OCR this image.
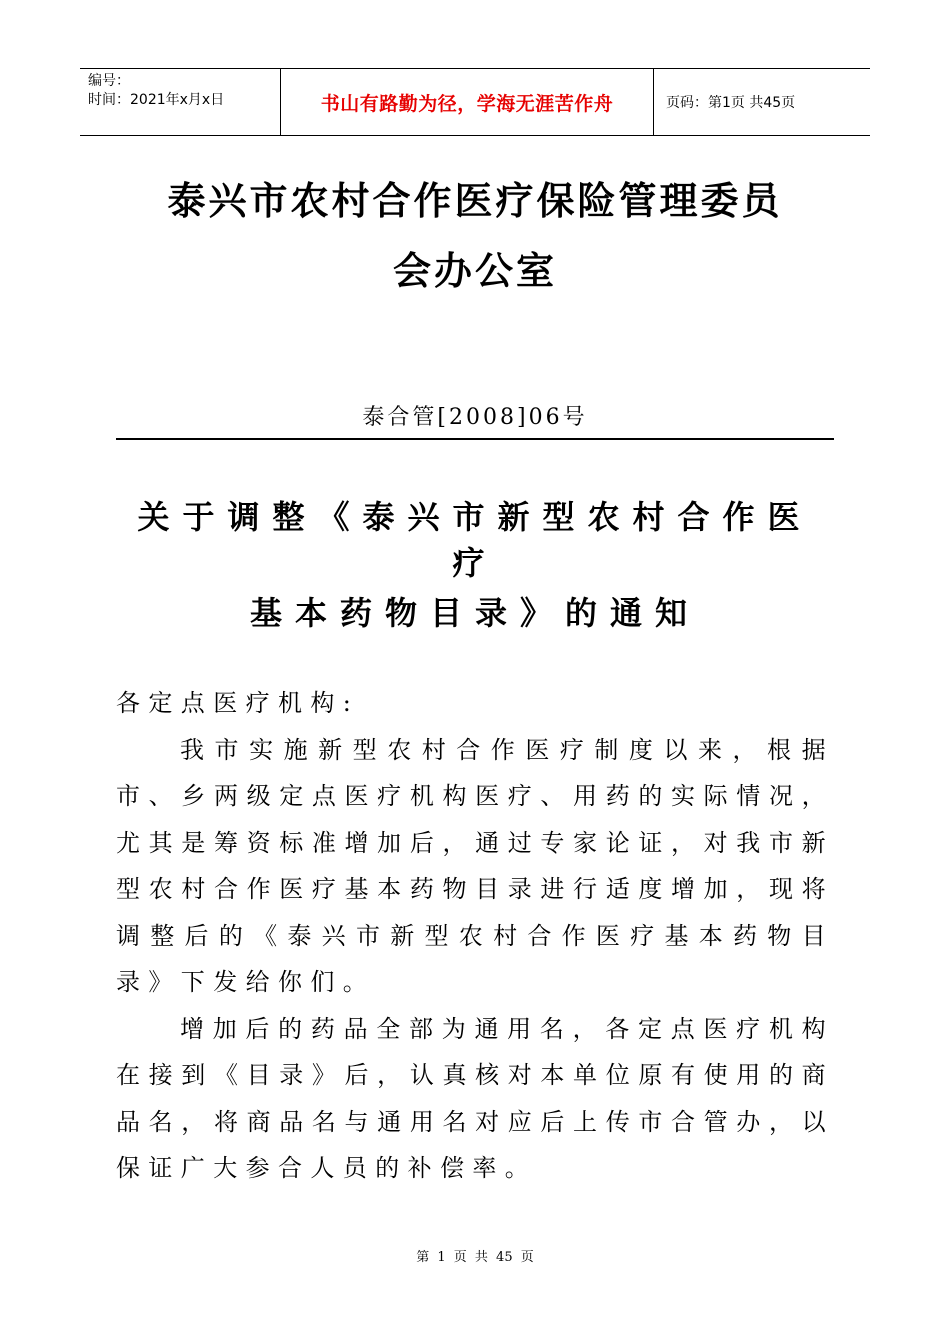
编号：
时间：2021年x月x日	书山有路勤为径，学海无涯苦作舟	页码：第1页 共45页
泰兴市农村合作医疗保险管理委员
会办公室
泰合管[2008]06号
关于调整《泰兴市新型农村合作医疗
基本药物目录》的通知

各定点医疗机构:

我市实施新型农村合作医疗制度以来，根据市、乡两级定点医疗机构医疗、用药的实际情况，尤其是筹资标准增加后，通过专家论证，对我市新型农村合作医疗基本药物目录进行适度增加，现将调整后的《泰兴市新型农村合作医疗基本药物目录》下发给你们。

增加后的药品全部为通用名，各定点医疗机构在接到《目录》后，认真核对本单位原有使用的商品名，将商品名与通用名对应后上传市合管办，以保证广大参合人员的补偿率。

第 1 页 共 45 页
